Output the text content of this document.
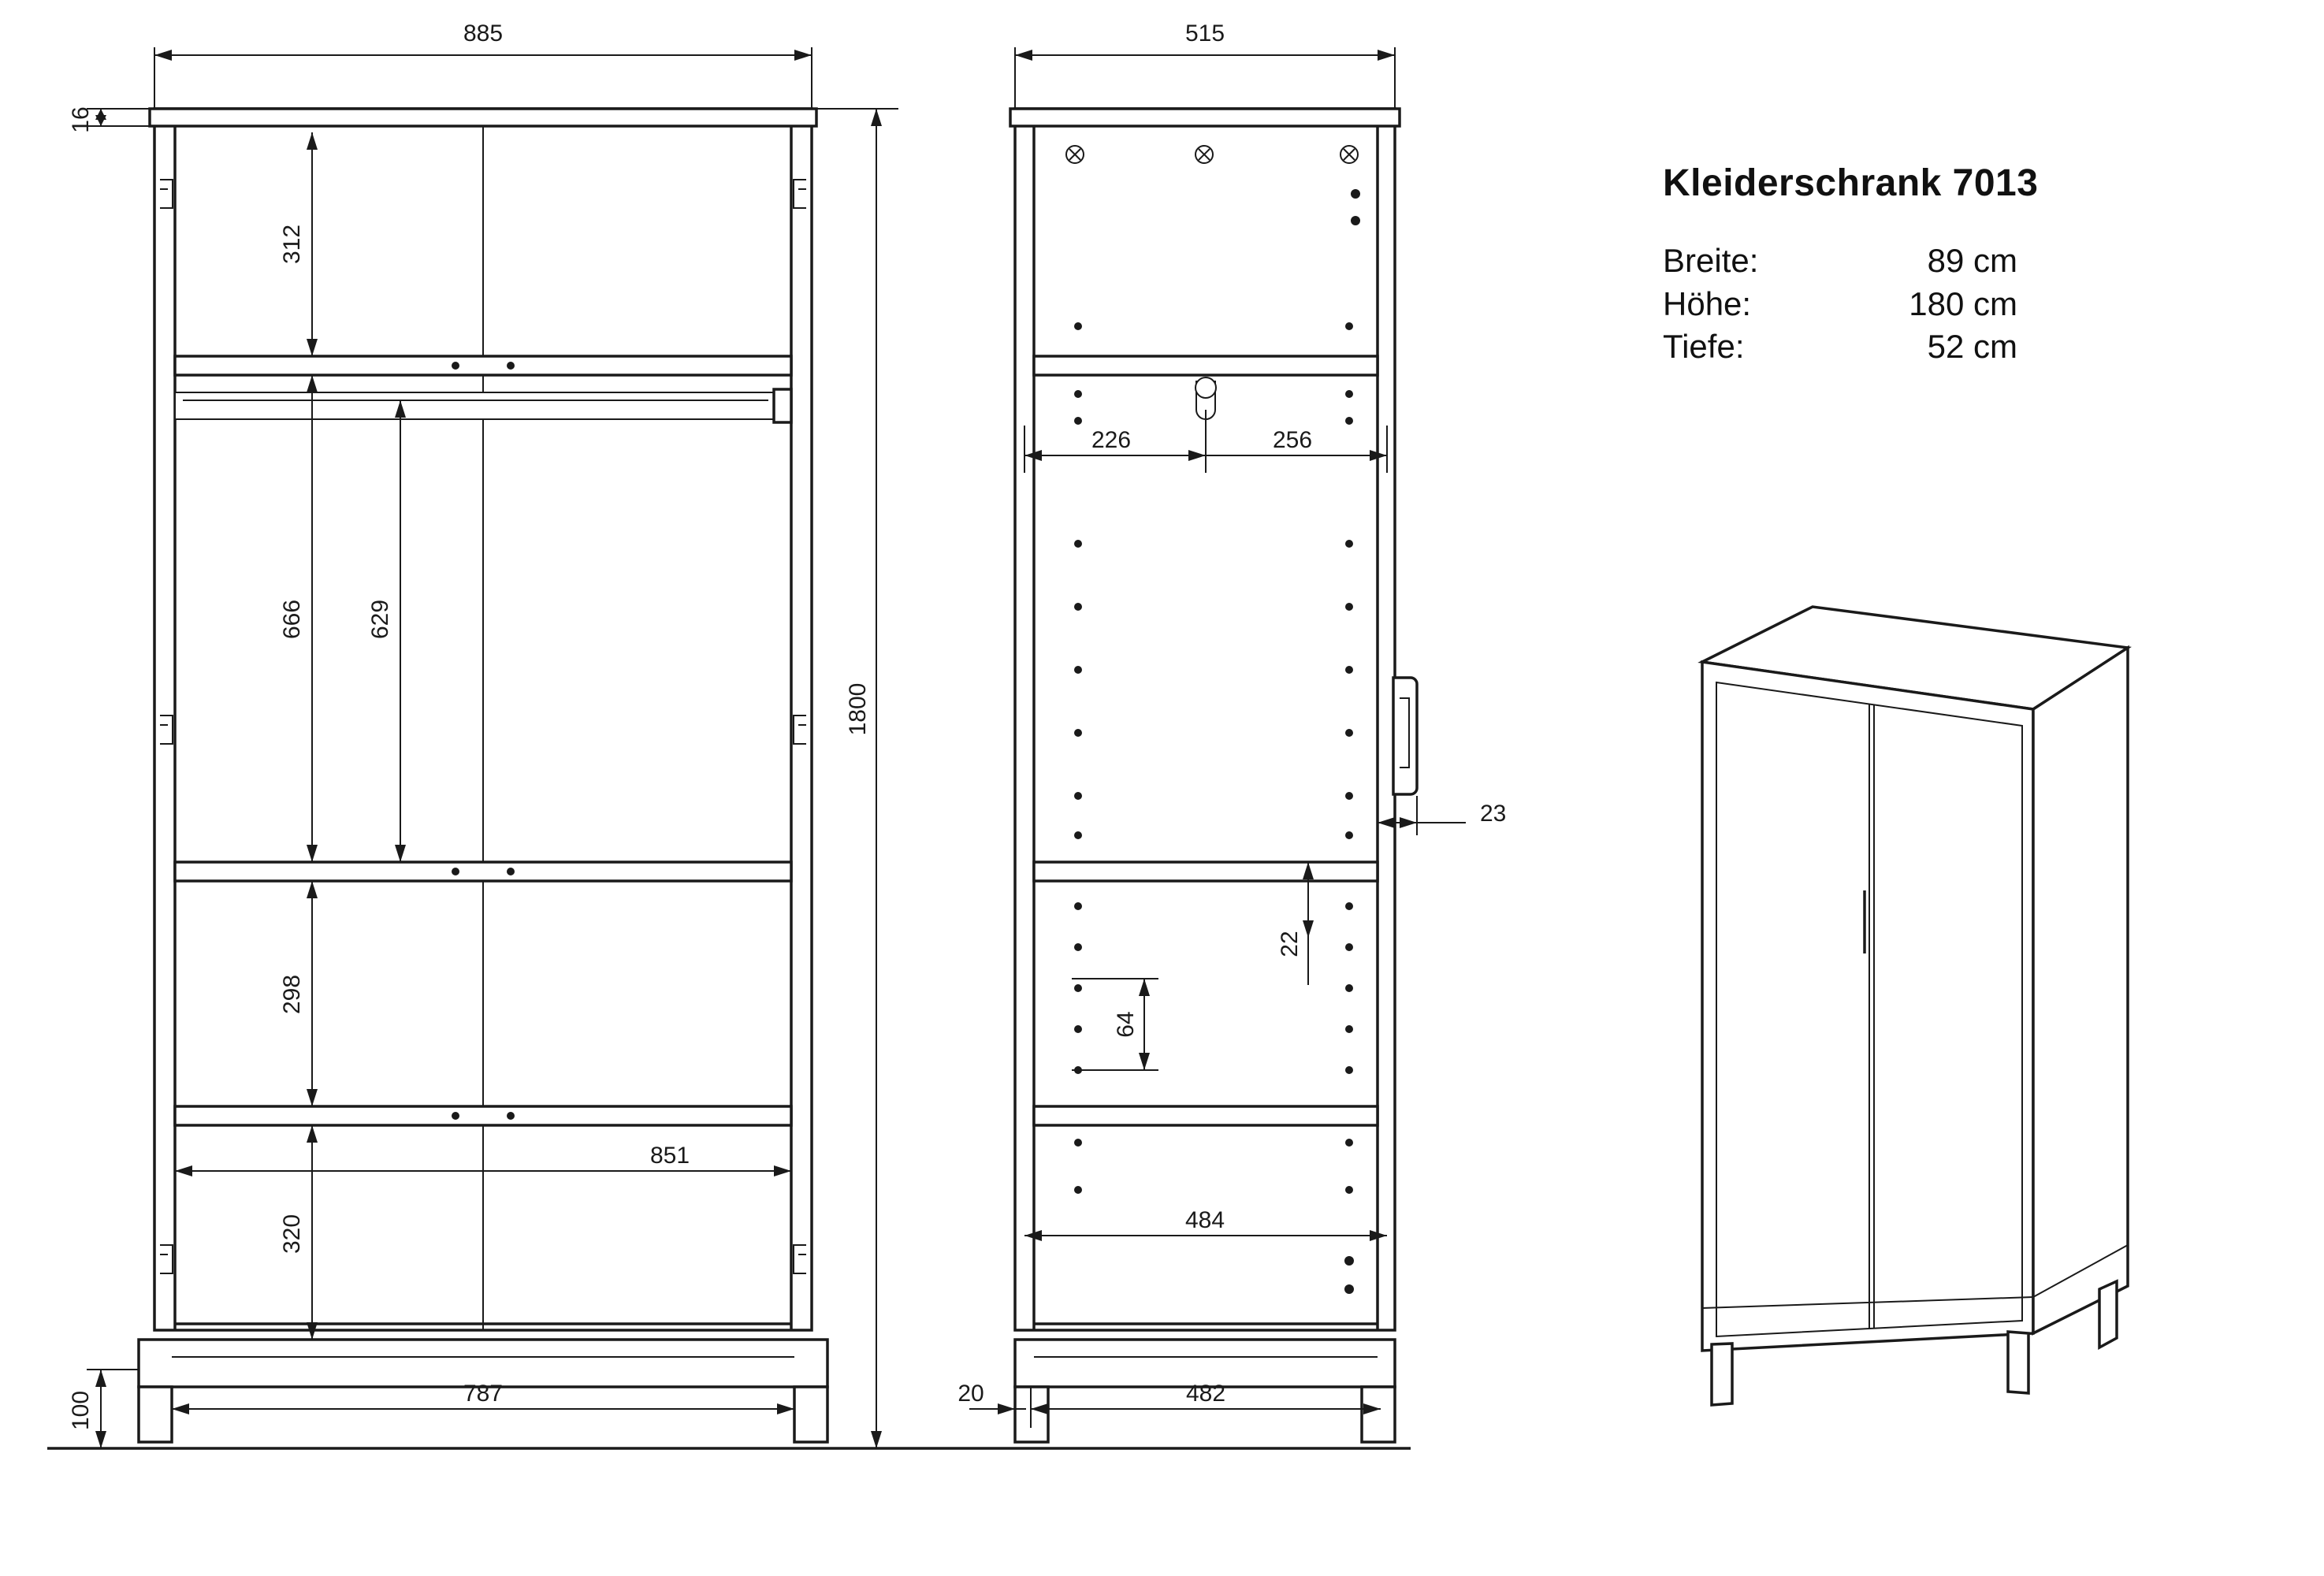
885
16
312
666	629
298
320
851
787
100
1800
515
226	256
23
22
64
484
20	482
Kleiderschrank 7013
Breite:	89 cm
Höhe:	180 cm
Tiefe:	52 cm
